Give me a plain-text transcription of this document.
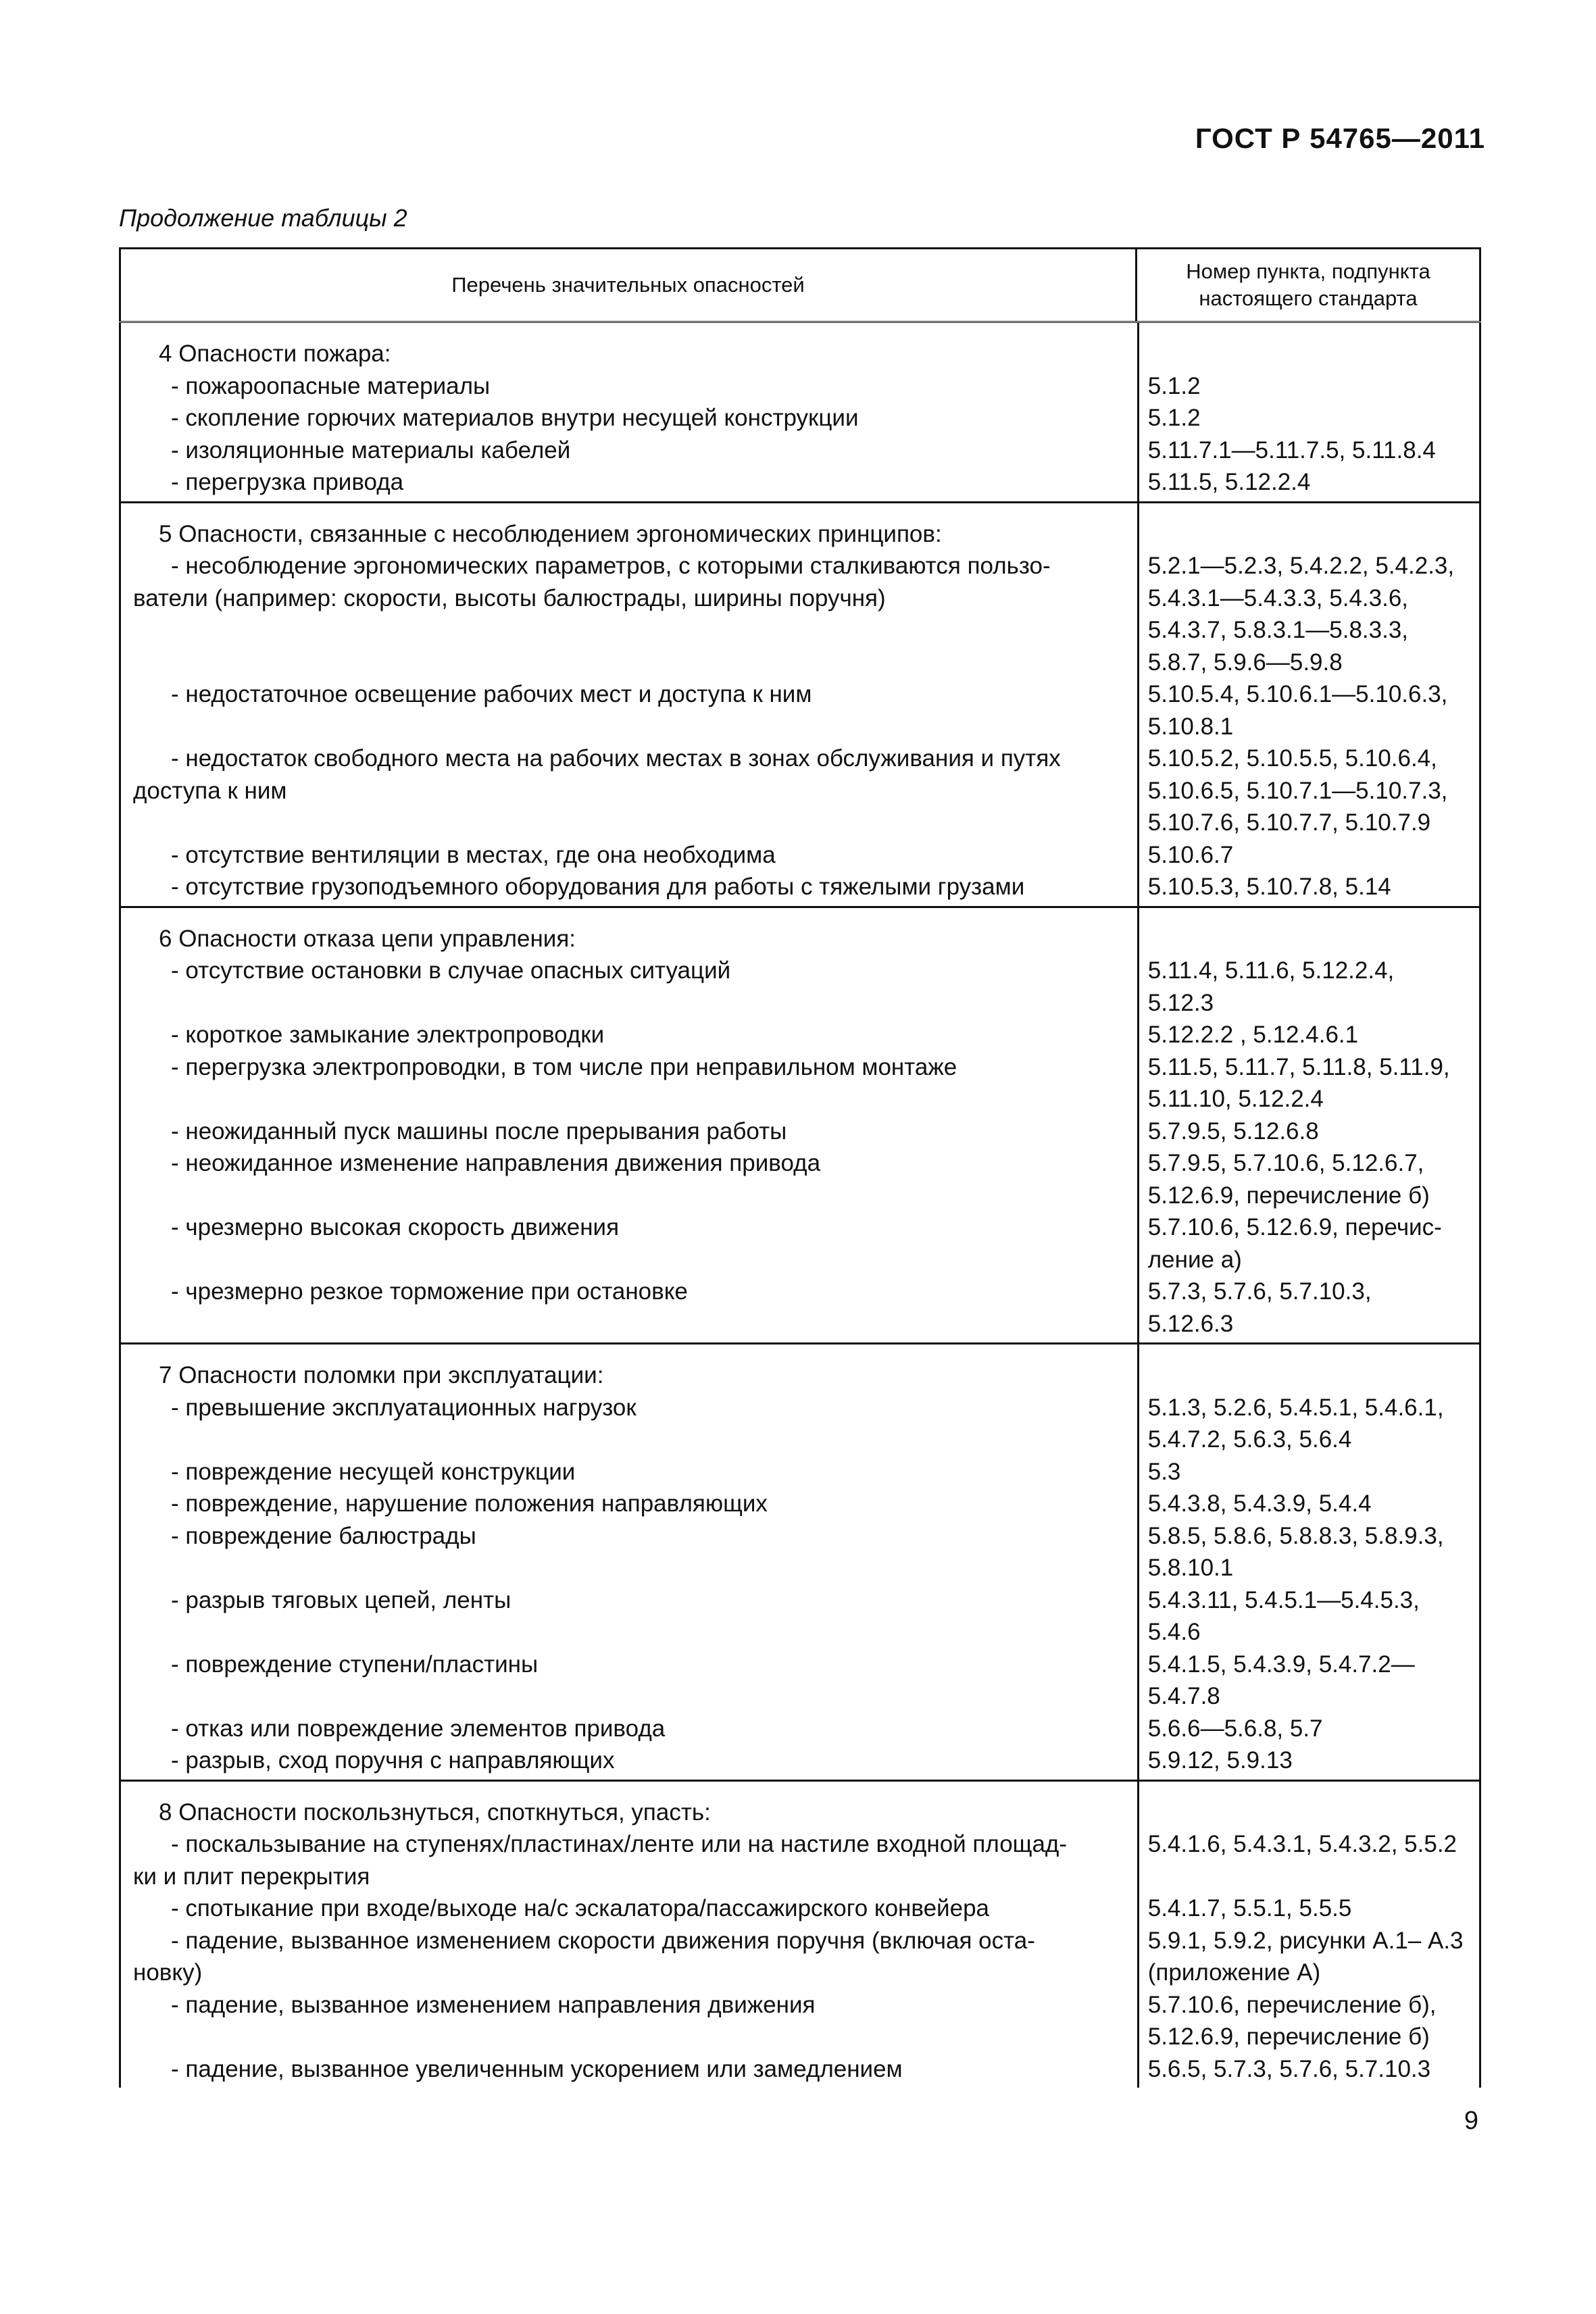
ГОСТ Р 54765—2011
Продолжение таблицы 2
Перечень значительных опасностей	
Номер пункта, подпункта
настоящего стандарта

4 Опасности пожара:
- пожароопасные материалы	5.1.2
- скопление горючих материалов внутри несущей конструкции	5.1.2
- изоляционные материалы кабелей	5.11.7.1—5.11.7.5, 5.11.8.4
- перегрузка привода	5.11.5, 5.12.2.4

5 Опасности, связанные с несоблюдением эргономических принципов:
- несоблюдение эргономических параметров, с которыми сталкиваются пользо-
ватели (например: скорости, высоты балюстрады, ширины поручня)
5.2.1—5.2.3, 5.4.2.2, 5.4.2.3,
5.4.3.1—5.4.3.3, 5.4.3.6,
5.4.3.7, 5.8.3.1—5.8.3.3,
5.8.7, 5.9.6—5.9.8
- недостаточное освещение рабочих мест и доступа к ним	5.10.5.4, 5.10.6.1—5.10.6.3,
5.10.8.1
- недостаток свободного места на рабочих местах в зонах обслуживания и путях
доступа к ним
5.10.5.2, 5.10.5.5, 5.10.6.4,
5.10.6.5, 5.10.7.1—5.10.7.3,
5.10.7.6, 5.10.7.7, 5.10.7.9
- отсутствие вентиляции в местах, где она необходима	5.10.6.7
- отсутствие грузоподъемного оборудования для работы с тяжелыми грузами	5.10.5.3, 5.10.7.8, 5.14

6 Опасности отказа цепи управления:
- отсутствие остановки в случае опасных ситуаций	5.11.4, 5.11.6, 5.12.2.4,
5.12.3
- короткое замыкание электропроводки	5.12.2.2 , 5.12.4.6.1
- перегрузка электропроводки, в том числе при неправильном монтаже	5.11.5, 5.11.7, 5.11.8, 5.11.9,
5.11.10, 5.12.2.4
- неожиданный пуск машины после прерывания работы	5.7.9.5, 5.12.6.8
- неожиданное изменение направления движения привода	5.7.9.5, 5.7.10.6, 5.12.6.7,
5.12.6.9, перечисление б)
- чрезмерно высокая скорость движения	5.7.10.6, 5.12.6.9, перечис-
ление а)
- чрезмерно резкое торможение при остановке	5.7.3, 5.7.6, 5.7.10.3,
5.12.6.3

7 Опасности поломки при эксплуатации:
- превышение эксплуатационных нагрузок	5.1.3, 5.2.6, 5.4.5.1, 5.4.6.1,
5.4.7.2, 5.6.3, 5.6.4
- повреждение несущей конструкции	5.3
- повреждение, нарушение положения направляющих	5.4.3.8, 5.4.3.9, 5.4.4
- повреждение балюстрады	5.8.5, 5.8.6, 5.8.8.3, 5.8.9.3,
5.8.10.1
- разрыв тяговых цепей, ленты	5.4.3.11, 5.4.5.1—5.4.5.3,
5.4.6
- повреждение ступени/пластины	5.4.1.5, 5.4.3.9, 5.4.7.2—
5.4.7.8
- отказ или повреждение элементов привода	5.6.6—5.6.8, 5.7
- разрыв, сход поручня с направляющих	5.9.12, 5.9.13

8 Опасности поскользнуться, споткнуться, упасть:
- поскальзывание на ступенях/пластинах/ленте или на настиле входной площад-
ки и плит перекрытия
5.4.1.6, 5.4.3.1, 5.4.3.2, 5.5.2
- спотыкание при входе/выходе на/с эскалатора/пассажирского конвейера	5.4.1.7, 5.5.1, 5.5.5
- падение, вызванное изменением скорости движения поручня (включая оста-
новку)
5.9.1, 5.9.2, рисунки А.1– А.3
(приложение А)
- падение, вызванное изменением направления движения	5.7.10.6, перечисление б),
5.12.6.9, перечисление б)
- падение, вызванное увеличенным ускорением или замедлением	5.6.5, 5.7.3, 5.7.6, 5.7.10.3
9
